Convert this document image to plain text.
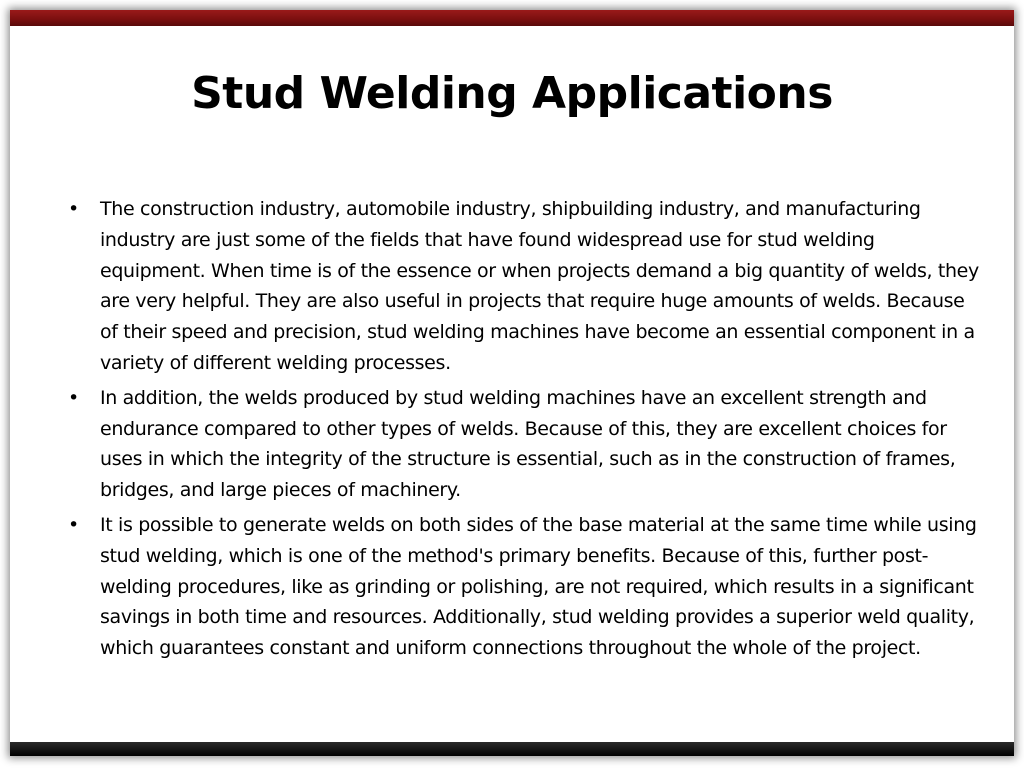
Stud Welding Applications
• The construction industry, automobile industry, shipbuilding industry, and manufacturing industry are just some of the fields that have found widespread use for stud welding equipment. When time is of the essence or when projects demand a big quantity of welds, they are very helpful. They are also useful in projects that require huge amounts of welds. Because of their speed and precision, stud welding machines have become an essential component in a variety of different welding processes.
• In addition, the welds produced by stud welding machines have an excellent strength and endurance compared to other types of welds. Because of this, they are excellent choices for uses in which the integrity of the structure is essential, such as in the construction of frames, bridges, and large pieces of machinery.
• It is possible to generate welds on both sides of the base material at the same time while using stud welding, which is one of the method's primary benefits. Because of this, further post-welding procedures, like as grinding or polishing, are not required, which results in a significant savings in both time and resources. Additionally, stud welding provides a superior weld quality, which guarantees constant and uniform connections throughout the whole of the project.
